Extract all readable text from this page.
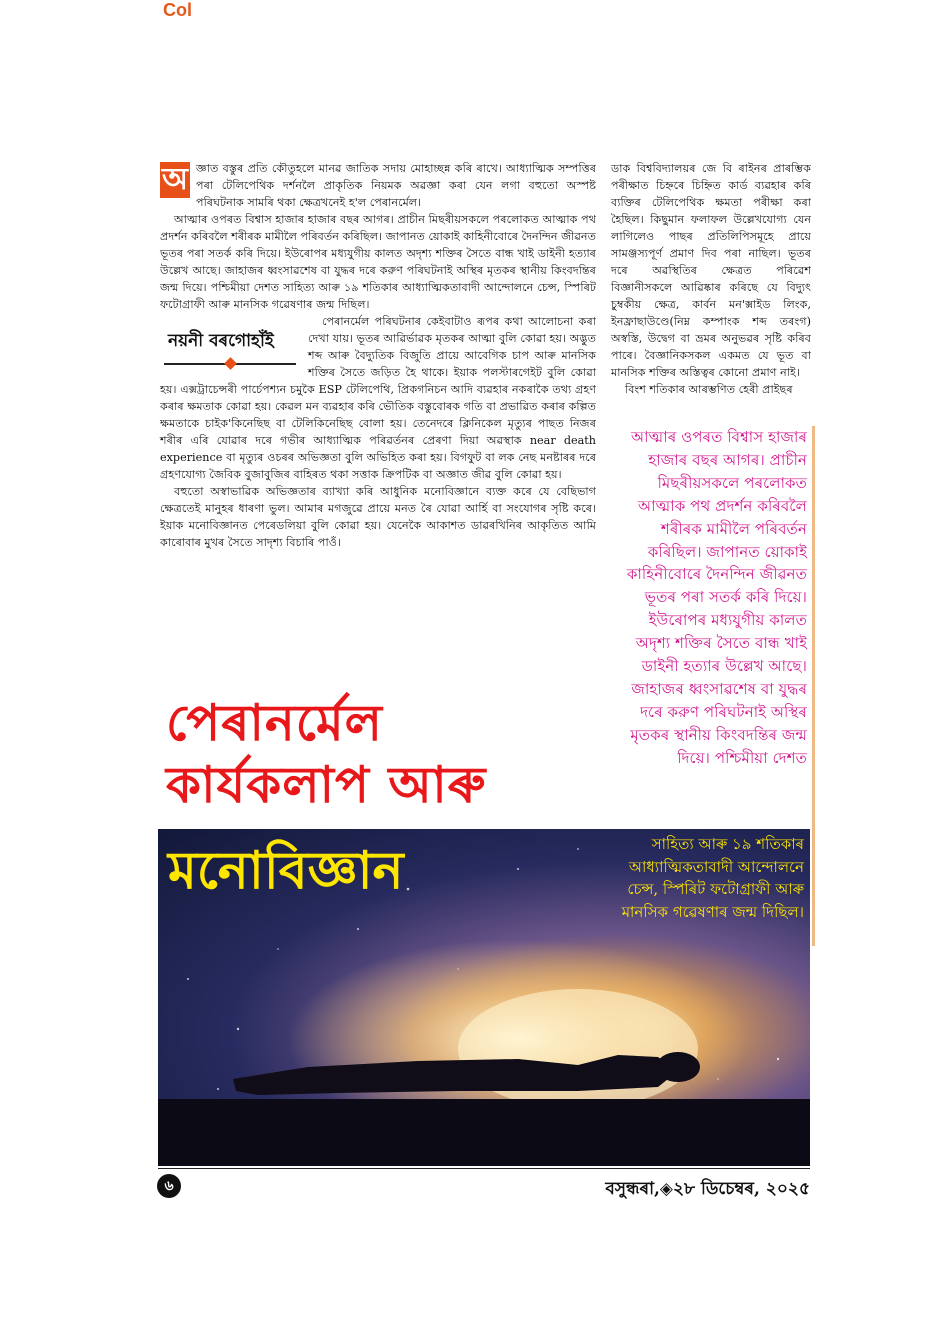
Col

অ জ্ঞাত বস্তুৰ প্ৰতি কৌতুহলে মানৱ জাতিক সদায় মোহাচ্ছন্ন কৰি ৰাখে। আধ্যাত্মিক সম্পত্তিৰ পৰা টেলিপেথিক দৰ্শনলৈ প্ৰাকৃতিক নিয়মক অৱজ্ঞা কৰা যেন লগা বহুতো অস্পষ্ট পৰিঘটনাক সামৰি থকা ক্ষেত্ৰখনেই হ'ল পেৰানৰ্মেল।

আত্মাৰ ওপৰত বিশ্বাস হাজাৰ হাজাৰ বছৰ আগৰ। প্ৰাচীন মিছৰীয়সকলে পৰলোকত আত্মাক পথ প্ৰদৰ্শন কৰিবলৈ শৰীৰক মামীলৈ পৰিবৰ্তন কৰিছিল। জাপানত য়োকাই কাহিনীবোৰে দৈনন্দিন জীৱনত ভূতৰ পৰা সতৰ্ক কৰি দিয়ে। ইউৰোপৰ মধ্যযুগীয় কালত অদৃশ্য শক্তিৰ সৈতে বান্ধ খাই ডাইনী হত্যাৰ উল্লেখ আছে। জাহাজৰ ধ্বংসাৱশেষ বা যুদ্ধৰ দৰে করুণ পৰিঘটনাই অস্থিৰ মৃতকৰ স্থানীয় কিংবদন্তিৰ জন্ম দিয়ে। পশ্চিমীয়া দেশত সাহিত্য আৰু ১৯ শতিকাৰ আধ্যাত্মিকতাবাদী আন্দোলনে চেন্স, স্পিৰিট ফটোগ্ৰাফী আৰু মানসিক গৱেষণাৰ জন্ম দিছিল।

নয়নী বৰগোহাঁই

পেৰানৰ্মেল পৰিঘটনাৰ কেইবাটাও ৰূপৰ কথা আলোচনা কৰা দেখা যায়। ভূতৰ আৱিৰ্ভাৱক মৃতকৰ আত্মা বুলি কোৱা হয়। অদ্ভুত শব্দ আৰু বৈদ্যুতিক বিজুতি প্ৰায়ে আবেগিক চাপ আৰু মানসিক শক্তিৰ সৈতে জড়িত হৈ থাকে। ইয়াক পলস্টাৰগেইট বুলি কোৱা হয়। এক্সট্ৰাচেন্সৰী পাৰ্চেপশ্যন চমুকৈ ESP টেলিপেথি, প্ৰিকগনিচন আদি ব্যৱহাৰ নকৰাকৈ তথ্য গ্ৰহণ কৰাৰ ক্ষমতাক কোৱা হয়। কেৱল মন ব্যৱহাৰ কৰি ভৌতিক বস্তুবোৰক গতি বা প্ৰভাৱিত কৰাৰ কল্পিত ক্ষমতাকে চাইক'কিনেছিছ বা টেলিকিনেছিছ বোলা হয়। তেনেদৰে ক্লিনিকেল মৃত্যুৰ পাছত নিজৰ শৰীৰ এৰি যোৱাৰ দৰে গভীৰ আধ্যাত্মিক পৰিৱৰ্তনৰ প্ৰেৰণা দিয়া অৱস্থাক near death experience বা মৃত্যুৰ ওচৰৰ অভিজ্ঞতা বুলি অভিহিত কৰা হয়। বিগফুট বা লক নেছ মনষ্টাৰৰ দৰে গ্ৰহণযোগ্য জৈবিক বুজাবুজিৰ বাহিৰত থকা সত্তাক ক্ৰিপটিক বা অজ্ঞাত জীৱ বুলি কোৱা হয়।

বহুতো অস্বাভাৱিক অভিজ্ঞতাৰ ব্যাখ্যা কৰি আধুনিক মনোবিজ্ঞানে ব্যক্ত কৰে যে বেছিভাগ ক্ষেত্ৰতেই মানুহৰ ধাৰণা ভুল। আমাৰ মগজুৱে প্ৰায়ে মনত ৰৈ যোৱা আৰ্হি বা সংযোগৰ সৃষ্টি কৰে। ইয়াক মনোবিজ্ঞানত পেৰেডলিয়া বুলি কোৱা হয়। যেনেকৈ আকাশত ডাৱৰখিনিৰ আকৃতিত আমি কাৰোবাৰ মুখৰ সৈতে সাদৃশ্য বিচাৰি পাওঁ।

ডাক বিশ্ববিদ্যালয়ৰ জে বি ৰাইনৰ প্ৰাৰম্ভিক পৰীক্ষাত চিহ্নৰে চিহ্নিত কাৰ্ড ব্যৱহাৰ কৰি ব্যক্তিৰ টেলিপেথিক ক্ষমতা পৰীক্ষা কৰা হৈছিল। কিছুমান ফলাফল উল্লেখযোগ্য যেন লাগিলেও পাছৰ প্ৰতিলিপিসমূহে প্ৰায়ে সামঞ্জস্যপূৰ্ণ প্ৰমাণ দিব পৰা নাছিল। ভূতৰ দৰে অৱস্থিতিৰ ক্ষেত্ৰত পৰিৱেশ বিজ্ঞানীসকলে আৱিষ্কাৰ কৰিছে যে বিদ্যুৎ চুম্বকীয় ক্ষেত্ৰ, কাৰ্বন মন'ক্সাইড লিংক, ইনফ্ৰাছাউণ্ডে(নিম্ন কম্পাংক শব্দ তৰংগ) অস্বস্তি, উদ্বেগ বা ভ্ৰমৰ অনুভৱৰ সৃষ্টি কৰিব পাৰে। বৈজ্ঞানিকসকল একমত যে ভূত বা মানসিক শক্তিৰ অস্তিত্বৰ কোনো প্ৰমাণ নাই।

বিংশ শতিকাৰ আৰম্ভণিত হেৰী প্ৰাইছৰ

আত্মাৰ ওপৰত বিশ্বাস হাজাৰ হাজাৰ বছৰ আগৰ। প্ৰাচীন মিছৰীয়সকলে পৰলোকত আত্মাক পথ প্ৰদৰ্শন কৰিবলৈ শৰীৰক মামীলৈ পৰিবৰ্তন কৰিছিল। জাপানত য়োকাই কাহিনীবোৰে দৈনন্দিন জীৱনত ভূতৰ পৰা সতৰ্ক কৰি দিয়ে। ইউৰোপৰ মধ্যযুগীয় কালত অদৃশ্য শক্তিৰ সৈতে বান্ধ খাই ডাইনী হত্যাৰ উল্লেখ আছে। জাহাজৰ ধ্বংসাৱশেষ বা যুদ্ধৰ দৰে করুণ পৰিঘটনাই অস্থিৰ মৃতকৰ স্থানীয় কিংবদন্তিৰ জন্ম দিয়ে। পশ্চিমীয়া দেশত
পেৰানৰ্মেল
কাৰ্যকলাপ আৰু
মনোবিজ্ঞান	সাহিত্য আৰু ১৯ শতিকাৰ আধ্যাত্মিকতাবাদী আন্দোলনে চেন্স, স্পিৰিট ফটোগ্ৰাফী আৰু মানসিক গৱেষণাৰ জন্ম দিছিল।
৬	বসুন্ধৰা,◈২৮ ডিচেম্বৰ, ২০২৫
